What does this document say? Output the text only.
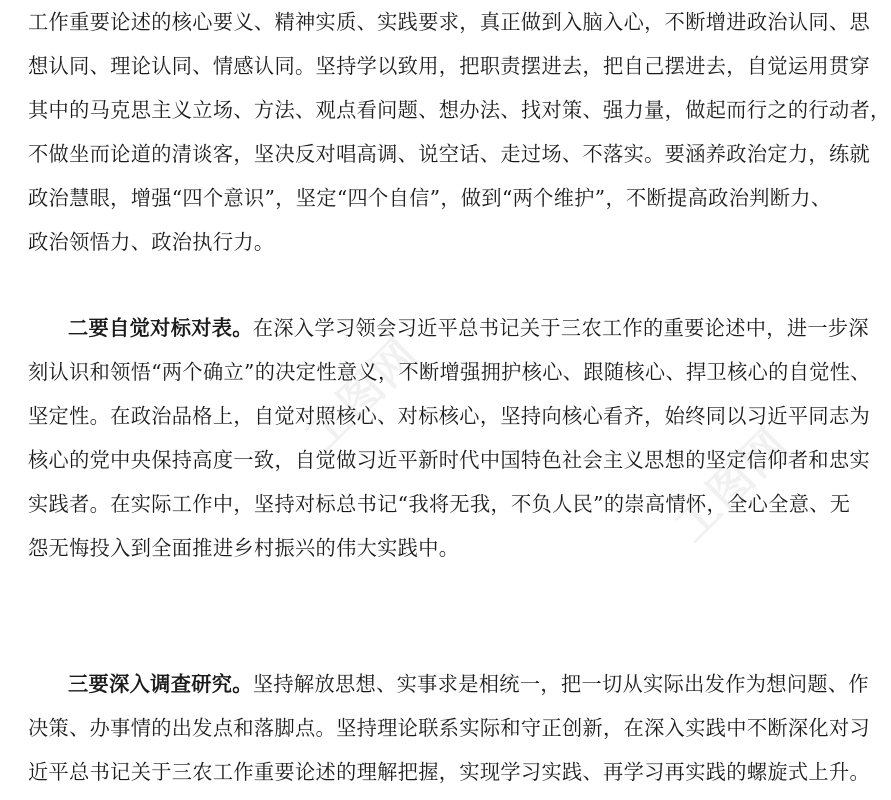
工图网
工图网
工作重要论述的核心要义、精神实质、实践要求，真正做到入脑入心，不断增进政治认同、思
想认同、理论认同、情感认同。坚持学以致用，把职责摆进去，把自己摆进去，自觉运用贯穿
其中的马克思主义立场、方法、观点看问题、想办法、找对策、强力量，做起而行之的行动者，
不做坐而论道的清谈客，坚决反对唱高调、说空话、走过场、不落实。要涵养政治定力，练就
政治慧眼，增强“四个意识”，坚定“四个自信”，做到“两个维护”，不断提高政治判断力、
政治领悟力、政治执行力。
二要自觉对标对表。在深入学习领会习近平总书记关于三农工作的重要论述中，进一步深
刻认识和领悟“两个确立”的决定性意义，不断增强拥护核心、跟随核心、捍卫核心的自觉性、
坚定性。在政治品格上，自觉对照核心、对标核心，坚持向核心看齐，始终同以习近平同志为
核心的党中央保持高度一致，自觉做习近平新时代中国特色社会主义思想的坚定信仰者和忠实
实践者。在实际工作中，坚持对标总书记“我将无我，不负人民”的崇高情怀，全心全意、无
怨无悔投入到全面推进乡村振兴的伟大实践中。
三要深入调查研究。坚持解放思想、实事求是相统一，把一切从实际出发作为想问题、作
决策、办事情的出发点和落脚点。坚持理论联系实际和守正创新，在深入实践中不断深化对习
近平总书记关于三农工作重要论述的理解把握，实现学习实践、再学习再实践的螺旋式上升。
